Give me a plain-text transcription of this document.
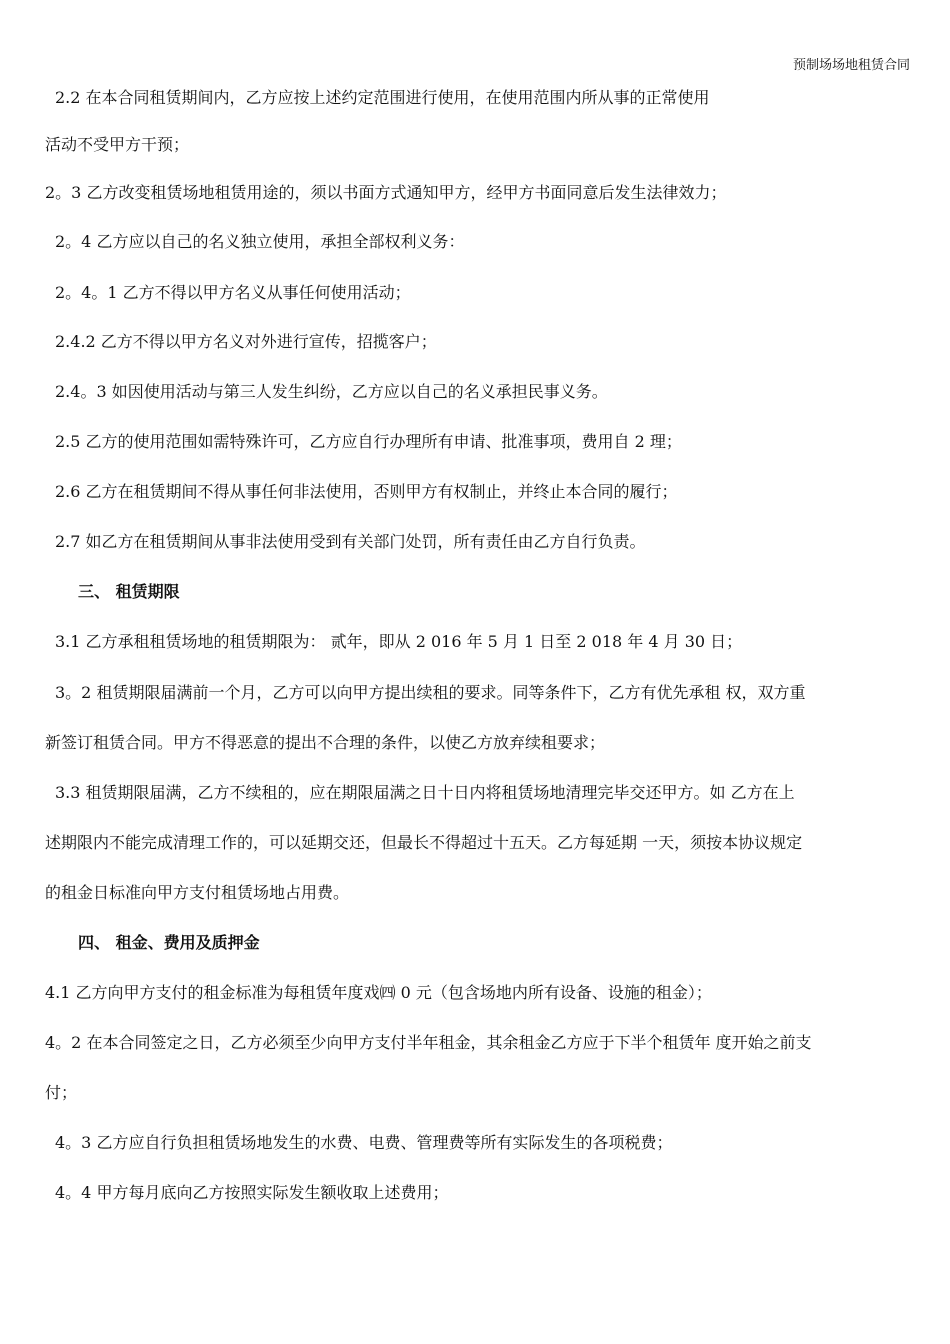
预制场场地租赁合同
2.2 在本合同租赁期间内，乙方应按上述约定范围进行使用，在使用范围内所从事的正常使用
活动不受甲方干预；
2。3 乙方改变租赁场地租赁用途的，须以书面方式通知甲方，经甲方书面同意后发生法律效力；
2。4 乙方应以自己的名义独立使用，承担全部权利义务：
2。4。1 乙方不得以甲方名义从事任何使用活动；
2.4.2 乙方不得以甲方名义对外进行宣传，招揽客户；
2.4。3 如因使用活动与第三人发生纠纷，乙方应以自己的名义承担民事义务。
2.5 乙方的使用范围如需特殊许可，乙方应自行办理所有申请、批准事项，费用自 2 理；
2.6 乙方在租赁期间不得从事任何非法使用，否则甲方有权制止，并终止本合同的履行；
2.7 如乙方在租赁期间从事非法使用受到有关部门处罚，所有责任由乙方自行负责。
三、 租赁期限
3.1 乙方承租租赁场地的租赁期限为： 贰年，即从 2 016 年 5 月 1 日至 2 018 年 4 月 30 日；
3。2 租赁期限届满前一个月，乙方可以向甲方提出续租的要求。同等条件下，乙方有优先承租 权，双方重
新签订租赁合同。甲方不得恶意的提出不合理的条件，以使乙方放弃续租要求；
3.3 租赁期限届满，乙方不续租的，应在期限届满之日十日内将租赁场地清理完毕交还甲方。如 乙方在上
述期限内不能完成清理工作的，可以延期交还，但最长不得超过十五天。乙方每延期 一天，须按本协议规定
的租金日标准向甲方支付租赁场地占用费。
四、 租金、费用及质押金
4.1 乙方向甲方支付的租金标准为每租赁年度戏㈣ 0 元（包含场地内所有设备、设施的租金）；
4。2 在本合同签定之日，乙方必须至少向甲方支付半年租金，其余租金乙方应于下半个租赁年 度开始之前支
付；
4。3 乙方应自行负担租赁场地发生的水费、电费、管理费等所有实际发生的各项税费；
4。4 甲方每月底向乙方按照实际发生额收取上述费用；
